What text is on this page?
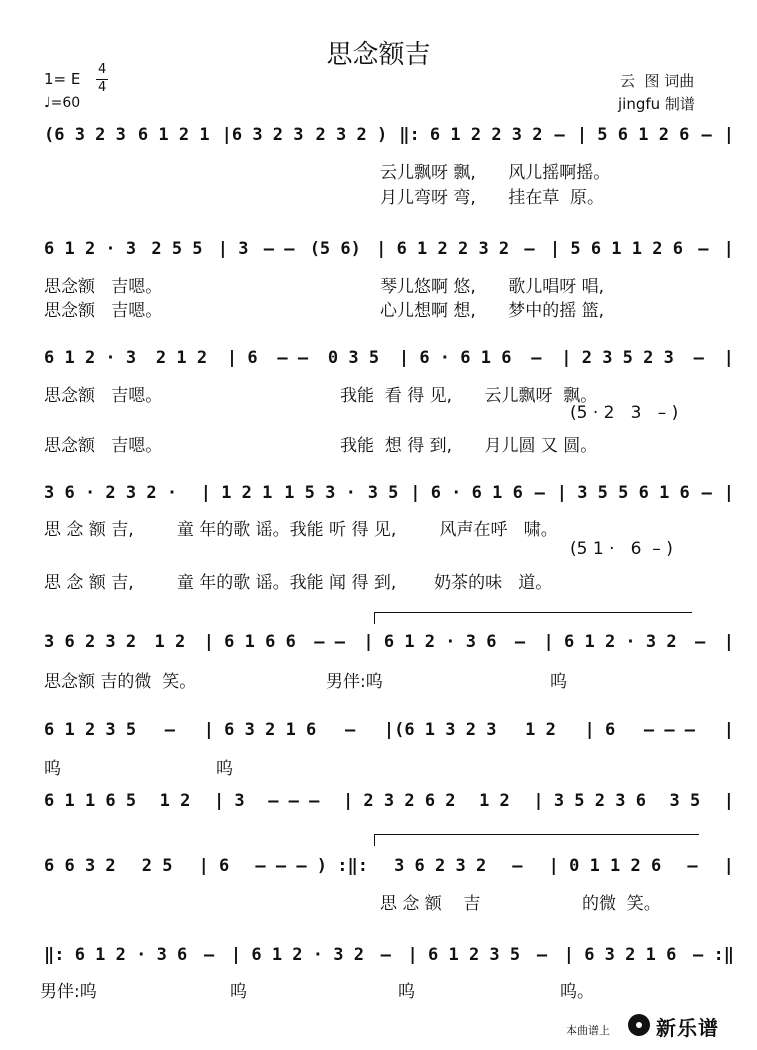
思念额吉
1= E
4
4
♩=60
云  图 词曲
jingfu 制谱
(6 3 2 3 6 1 2 1 |6 3 2 3 2 3 2 ) ‖: 6 1 2 2 3 2 – | 5 6 1 2 6 – |
6 1 2 · 3 2 5 5 | 3 – – (5 6) | 6 1 2 2 3 2 – | 5 6 1 1 2 6 – |
6 1 2 · 3 2 1 2 | 6 – – 0 3 5 | 6 · 6 1 6 – | 2 3 5 2 3 – |
3 6 · 2 3 2 · | 1 2 1 1 5 3 · 3 5 | 6 · 6 1 6 – | 3 5 5 6 1 6 – |
3 6 2 3 2 1 2 | 6 1 6 6 – – | 6 1 2 · 3 6 – | 6 1 2 · 3 2 – |
6 1 2 3 5 – | 6 3 2 1 6 – |(6 1 3 2 3 1 2 | 6 – – – |
6 1 1 6 5 1 2 | 3 – – – | 2 3 2 6 2 1 2 | 3 5 2 3 6 3 5 |
6 6 3 2 2 5 | 6 – – – ) :‖: 3 6 2 3 2 – | 0 1 1 2 6 – |
‖: 6 1 2 · 3 6 – | 6 1 2 · 3 2 – | 6 1 2 3 5 – | 6 3 2 1 6 – :‖
云儿飘呀 飘,      风儿摇啊摇。
月儿弯呀 弯,      挂在草  原。
思念额   吉嗯。	琴儿悠啊 悠,      歌儿唱呀 唱,
思念额   吉嗯。	心儿想啊 想,      梦中的摇 篮,
思念额   吉嗯。	我能  看 得 见,      云儿飘呀  飘。
(5 · 2   3   – )
思念额   吉嗯。	我能  想 得 到,      月儿圆 又 圆。
思 念 额 吉,        童 年的歌 谣。我能 听 得 见,        风声在呼   啸。
(5 1 ·   6  – )
思 念 额 吉,        童 年的歌 谣。我能 闻 得 到,       奶茶的味   道。
思念额 吉的微  笑。	男伴:呜	呜
呜	呜
思 念 额    吉	的微  笑。
男伴:呜	呜	呜	呜。
本曲谱上 新乐谱
